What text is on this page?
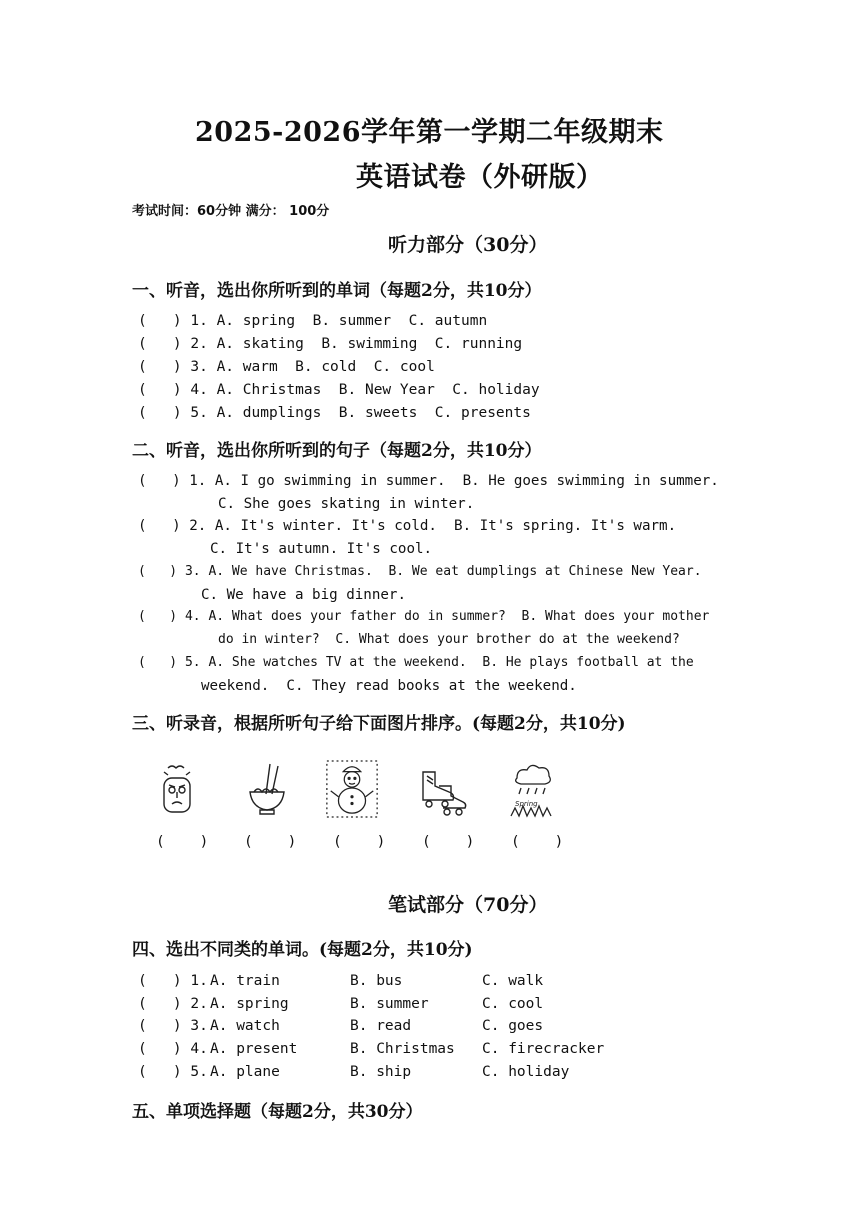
2025-2026学年第一学期二年级期末
英语试卷（外研版）
考试时间：60分钟 满分： 100分
听力部分（30分）
一、听音，选出你所听到的单词（每题2分，共10分）
(   ) 1. A. spring  B. summer  C. autumn
(   ) 2. A. skating  B. swimming  C. running
(   ) 3. A. warm  B. cold  C. cool
(   ) 4. A. Christmas  B. New Year  C. holiday
(   ) 5. A. dumplings  B. sweets  C. presents
二、听音，选出你所听到的句子（每题2分，共10分）
(   ) 1. A. I go swimming in summer.  B. He goes swimming in summer.
C. She goes skating in winter.
(   ) 2. A. It's winter. It's cold.  B. It's spring. It's warm.
C. It's autumn. It's cool.
(   ) 3. A. We have Christmas.  B. We eat dumplings at Chinese New Year.
C. We have a big dinner.
(   ) 4. A. What does your father do in summer?  B. What does your mother
do in winter?  C. What does your brother do at the weekend?
(   ) 5. A. She watches TV at the weekend.  B. He plays football at the
weekend.  C. They read books at the weekend.
三、听录音，根据所听句子给下面图片排序。(每题2分，共10分)
Spring
(    ) (    )	(    )	(    )	(    )
笔试部分（70分）
四、选出不同类的单词。(每题2分，共10分)
(   ) 1. A. train	B. bus	C. walk
(   ) 2. A. spring	B. summer	C. cool
(   ) 3. A. watch	B. read	C. goes
(   ) 4. A. present	B. Christmas C. firecracker
(   ) 5. A. plane	B. ship	C. holiday
五、单项选择题（每题2分，共30分）
